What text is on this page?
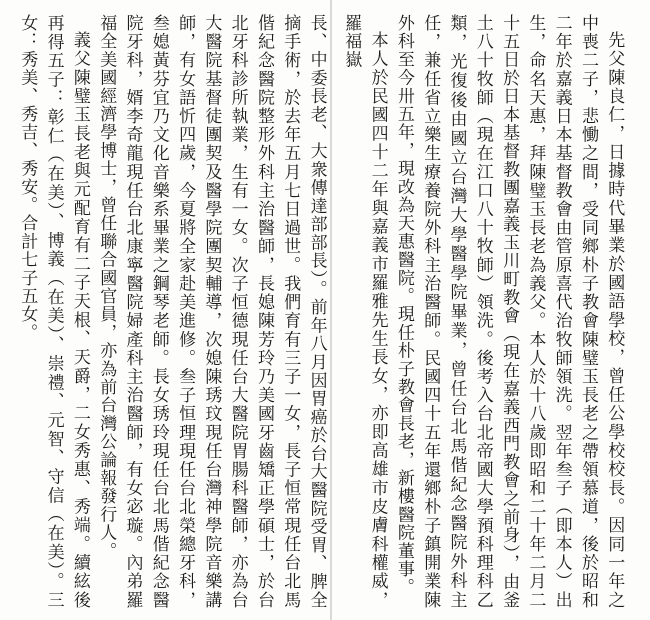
先父陳良仁，日據時代畢業於國語學校，曾任公學校校長。因同一年之中喪二子，悲慟之間，受同鄉朴子教會陳璧玉長老之帶領慕道，後於昭和二年於嘉義日本基督教會由管原喜代治牧師領洗。翌年叁子（即本人）出生，命名天惠，拜陳璧玉長老為義父。本人於十八歲即昭和二十年二月二十五日於日本基督教團嘉義玉川町教會（現在嘉義西門教會之前身），由釜土八十牧師（現在江口八十牧師）領洗。後考入台北帝國大學預科理科乙類，光復後由國立台灣大學醫學院畢業，曾任台北馬偕紀念醫院外科主任，兼任省立樂生療養院外科主治醫師。民國四十五年還鄉朴子鎮開業陳外科至今卅五年，現改為天惠醫院。現任朴子教會長老，新樓醫院董事。

本人於民國四十二年與嘉義市羅雅先生長女，亦即高雄市皮膚科權威，羅福嶽

長、中委長老、大衆傳達部部長）。前年八月因胃癌於台大醫院受胃、脾全摘手術，於去年五月七日過世。我們育有三子一女，長子恒常現任台北馬偕紀念醫院整形外科主治醫師，長媳陳芳玲乃美國牙齒矯正學碩士，於台北牙科診所執業，生有一女。次子恒德現任台大醫院胃腸科醫師，亦為台大醫院基督徒團契及醫學院團契輔導，次媳陳琇玟現任台灣神學院音樂講師，有女語忻四歲，今夏將全家赴美進修。叁子恒理現任台北榮總牙科，叁媳黃芬宜乃文化音樂系畢業之鋼琴老師。長女琇玲現任台北馬偕紀念醫院牙科，婿李奇龍現任台北康寧醫院婦產科主治醫師，有女宓璇。內弟羅福全美國經濟學博士，曾任聯合國官員，亦為前台灣公論報發行人。

義父陳璧玉長老與元配育有二子天根、天爵，二女秀惠、秀端。續絃後再得五子：彰仁（在美）、博義（在美）、崇禮、元智、守信（在美）。三女：秀美、秀吉、秀安。合計七子五女。
